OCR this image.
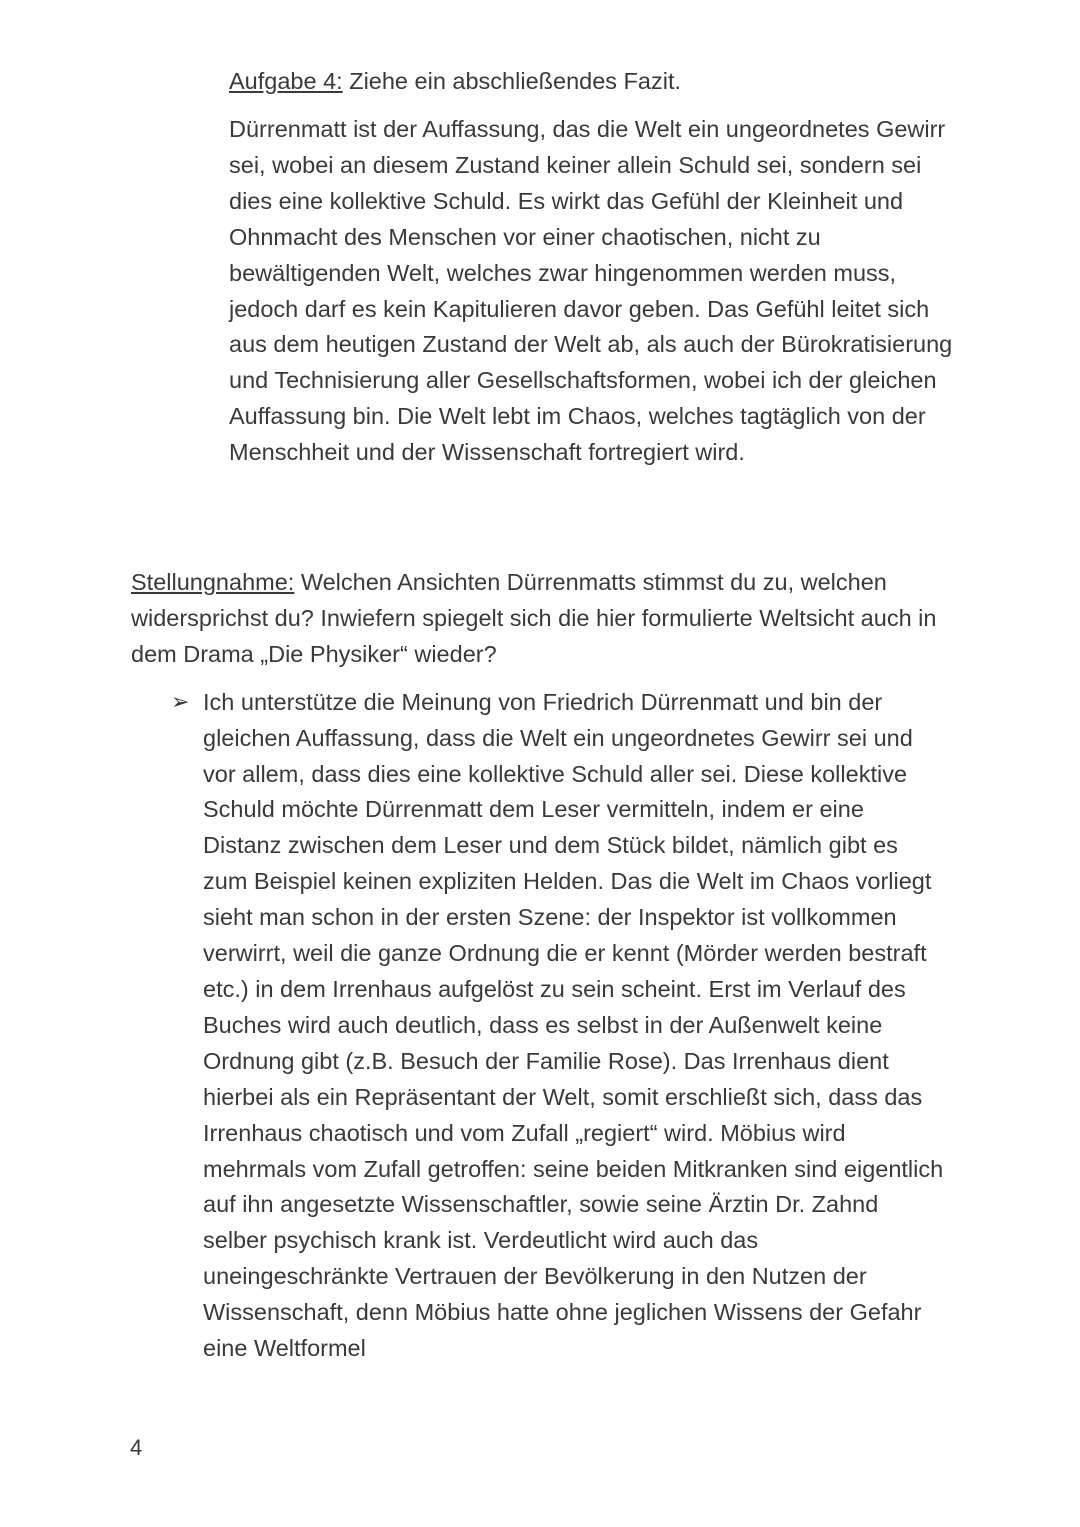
Aufgabe 4: Ziehe ein abschließendes Fazit.

Dürrenmatt ist der Auffassung, das die Welt ein ungeordnetes Gewirr sei, wobei an diesem Zustand keiner allein Schuld sei, sondern sei dies eine kollektive Schuld. Es wirkt das Gefühl der Kleinheit und Ohnmacht des Menschen vor einer chaotischen, nicht zu bewältigenden Welt, welches zwar hingenommen werden muss, jedoch darf es kein Kapitulieren davor geben. Das Gefühl leitet sich aus dem heutigen Zustand der Welt ab, als auch der Bürokratisierung und Technisierung aller Gesellschaftsformen, wobei ich der gleichen Auffassung bin. Die Welt lebt im Chaos, welches tagtäglich von der Menschheit und der Wissenschaft fortregiert wird.

Stellungnahme: Welchen Ansichten Dürrenmatts stimmst du zu, welchen widersprichst du? Inwiefern spiegelt sich die hier formulierte Weltsicht auch in dem Drama „Die Physiker“ wieder?

➢ Ich unterstütze die Meinung von Friedrich Dürrenmatt und bin der gleichen Auffassung, dass die Welt ein ungeordnetes Gewirr sei und vor allem, dass dies eine kollektive Schuld aller sei. Diese kollektive Schuld möchte Dürrenmatt dem Leser vermitteln, indem er eine Distanz zwischen dem Leser und dem Stück bildet, nämlich gibt es zum Beispiel keinen expliziten Helden. Das die Welt im Chaos vorliegt sieht man schon in der ersten Szene: der Inspektor ist vollkommen verwirrt, weil die ganze Ordnung die er kennt (Mörder werden bestraft etc.) in dem Irrenhaus aufgelöst zu sein scheint. Erst im Verlauf des Buches wird auch deutlich, dass es selbst in der Außenwelt keine Ordnung gibt (z.B. Besuch der Familie Rose). Das Irrenhaus dient hierbei als ein Repräsentant der Welt, somit erschließt sich, dass das Irrenhaus chaotisch und vom Zufall „regiert“ wird. Möbius wird mehrmals vom Zufall getroffen: seine beiden Mitkranken sind eigentlich auf ihn angesetzte Wissenschaftler, sowie seine Ärztin Dr. Zahnd selber psychisch krank ist. Verdeutlicht wird auch das uneingeschränkte Vertrauen der Bevölkerung in den Nutzen der Wissenschaft, denn Möbius hatte ohne jeglichen Wissens der Gefahr eine Weltformel

4
